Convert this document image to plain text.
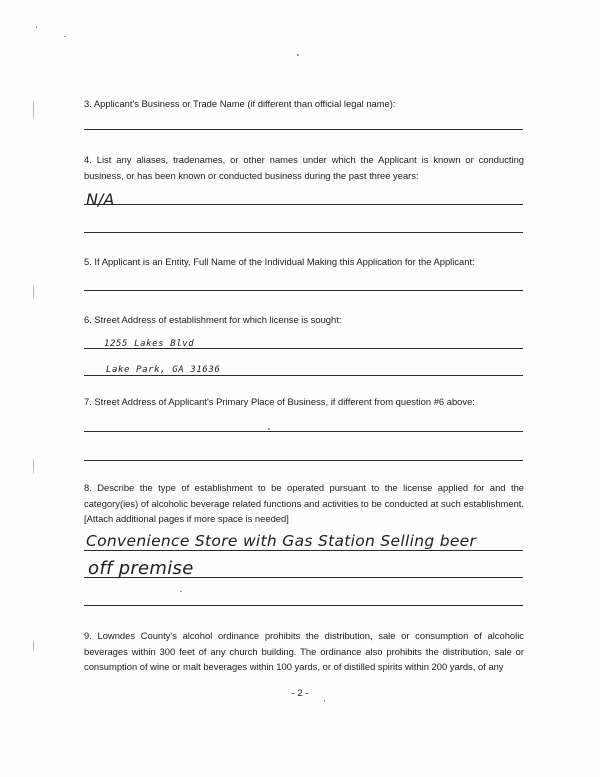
3. Applicant's Business or Trade Name (if different than official legal name):
4. List any aliases, tradenames, or other names under which the Applicant is known or conducting business, or has been known or conducted business during the past three years:
N/A
5. If Applicant is an Entity, Full Name of the Individual Making this Application for the Applicant:
6. Street Address of establishment for which license is sought:
1255 Lakes Blvd
Lake Park, GA 31636
7. Street Address of Applicant's Primary Place of Business, if different from question #6 above:
8. Describe the type of establishment to be operated pursuant to the license applied for and the category(ies) of alcoholic beverage related functions and activities to be conducted at such establishment. [Attach additional pages if more space is needed]
Convenience Store with Gas Station Selling beer
off premise
9. Lowndes County's alcohol ordinance prohibits the distribution, sale or consumption of alcoholic beverages within 300 feet of any church building. The ordinance also prohibits the distribution, sale or consumption of wine or malt beverages within 100 yards, or of distilled spirits within 200 yards, of any
- 2 -
